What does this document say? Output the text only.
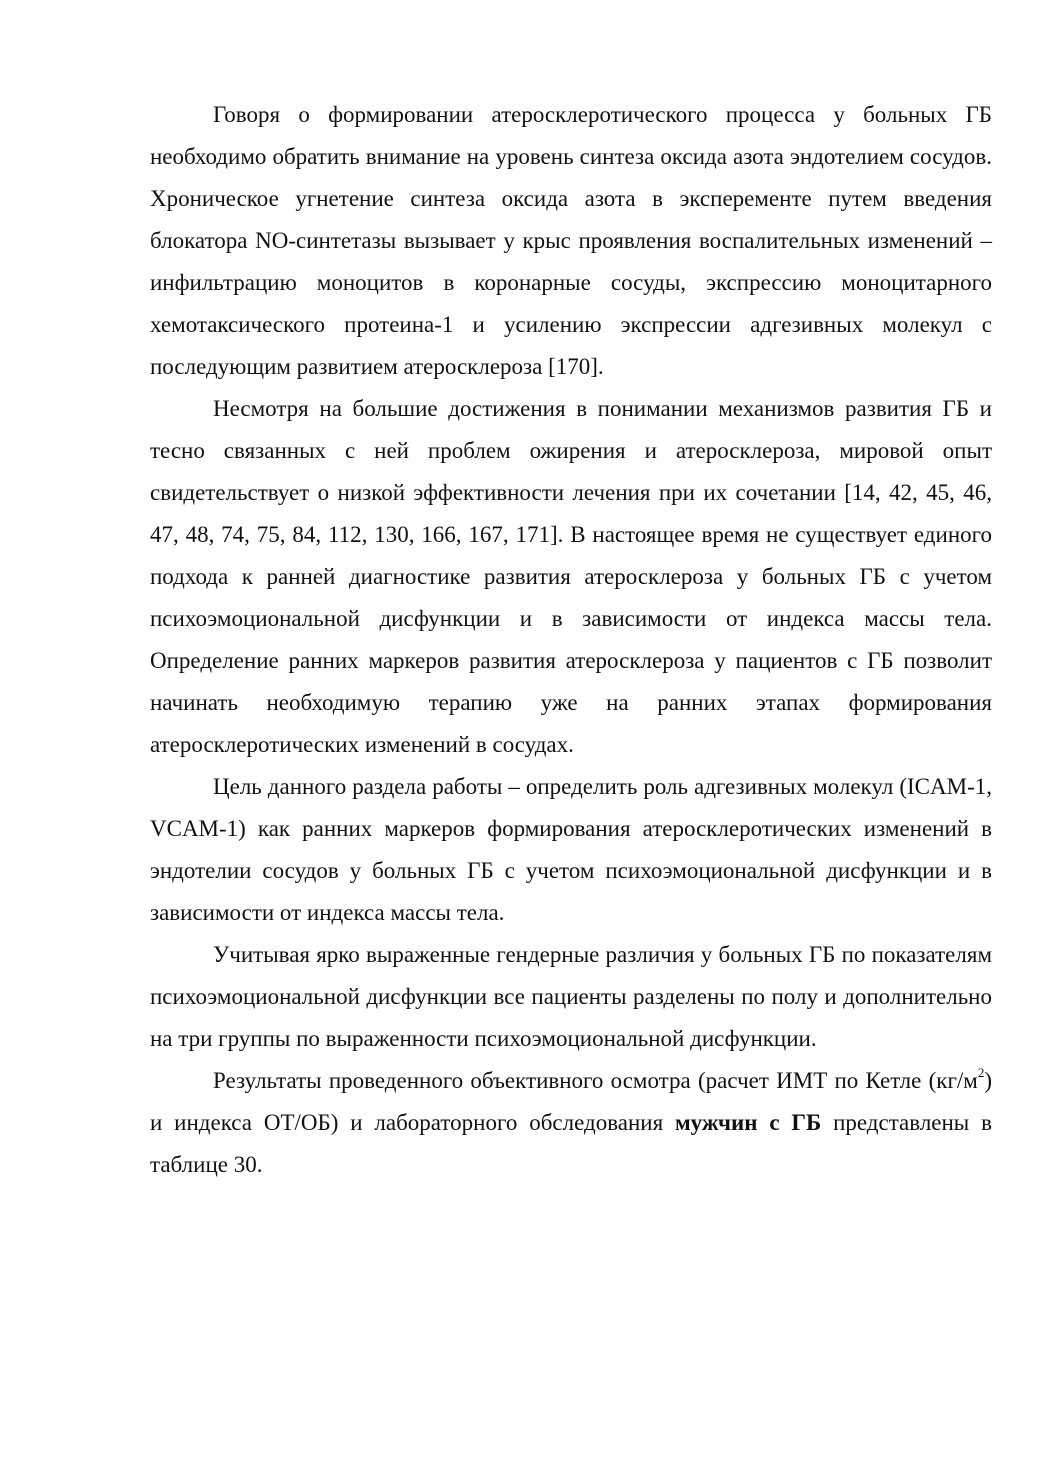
Говоря о формировании атеросклеротического процесса у больных ГБ необходимо обратить внимание на уровень синтеза оксида азота эндотелием сосудов. Хроническое угнетение синтеза оксида азота в эксперементе путем введения блокатора NO-синтетазы вызывает у крыс проявления воспалительных изменений – инфильтрацию моноцитов в коронарные сосуды, экспрессию моноцитарного хемотаксического протеина-1 и усилению экспрессии адгезивных молекул с последующим развитием атеросклероза [170].

Несмотря на большие достижения в понимании механизмов развития ГБ и тесно связанных с ней проблем ожирения и атеросклероза, мировой опыт свидетельствует о низкой эффективности лечения при их сочетании [14, 42, 45, 46, 47, 48, 74, 75, 84, 112, 130, 166, 167, 171]. В настоящее время не существует единого подхода к ранней диагностике развития атеросклероза у больных ГБ с учетом психоэмоциональной дисфункции и в зависимости от индекса массы тела. Определение ранних маркеров развития атеросклероза у пациентов с ГБ позволит начинать необходимую терапию уже на ранних этапах формирования атеросклеротических изменений в сосудах.

Цель данного раздела работы – определить роль адгезивных молекул (ICAM-1, VCAM-1) как ранних маркеров формирования атеросклеротических изменений в эндотелии сосудов у больных ГБ с учетом психоэмоциональной дисфункции и в зависимости от индекса массы тела.

Учитывая ярко выраженные гендерные различия у больных ГБ по показателям психоэмоциональной дисфункции все пациенты разделены по полу и дополнительно на три группы по выраженности психоэмоциональной дисфункции.

Результаты проведенного объективного осмотра (расчет ИМТ по Кетле $(кг/м^2)$ и индекса ОТ/ОБ) и лабораторного обследования мужчин с ГБ представлены в таблице 30.
